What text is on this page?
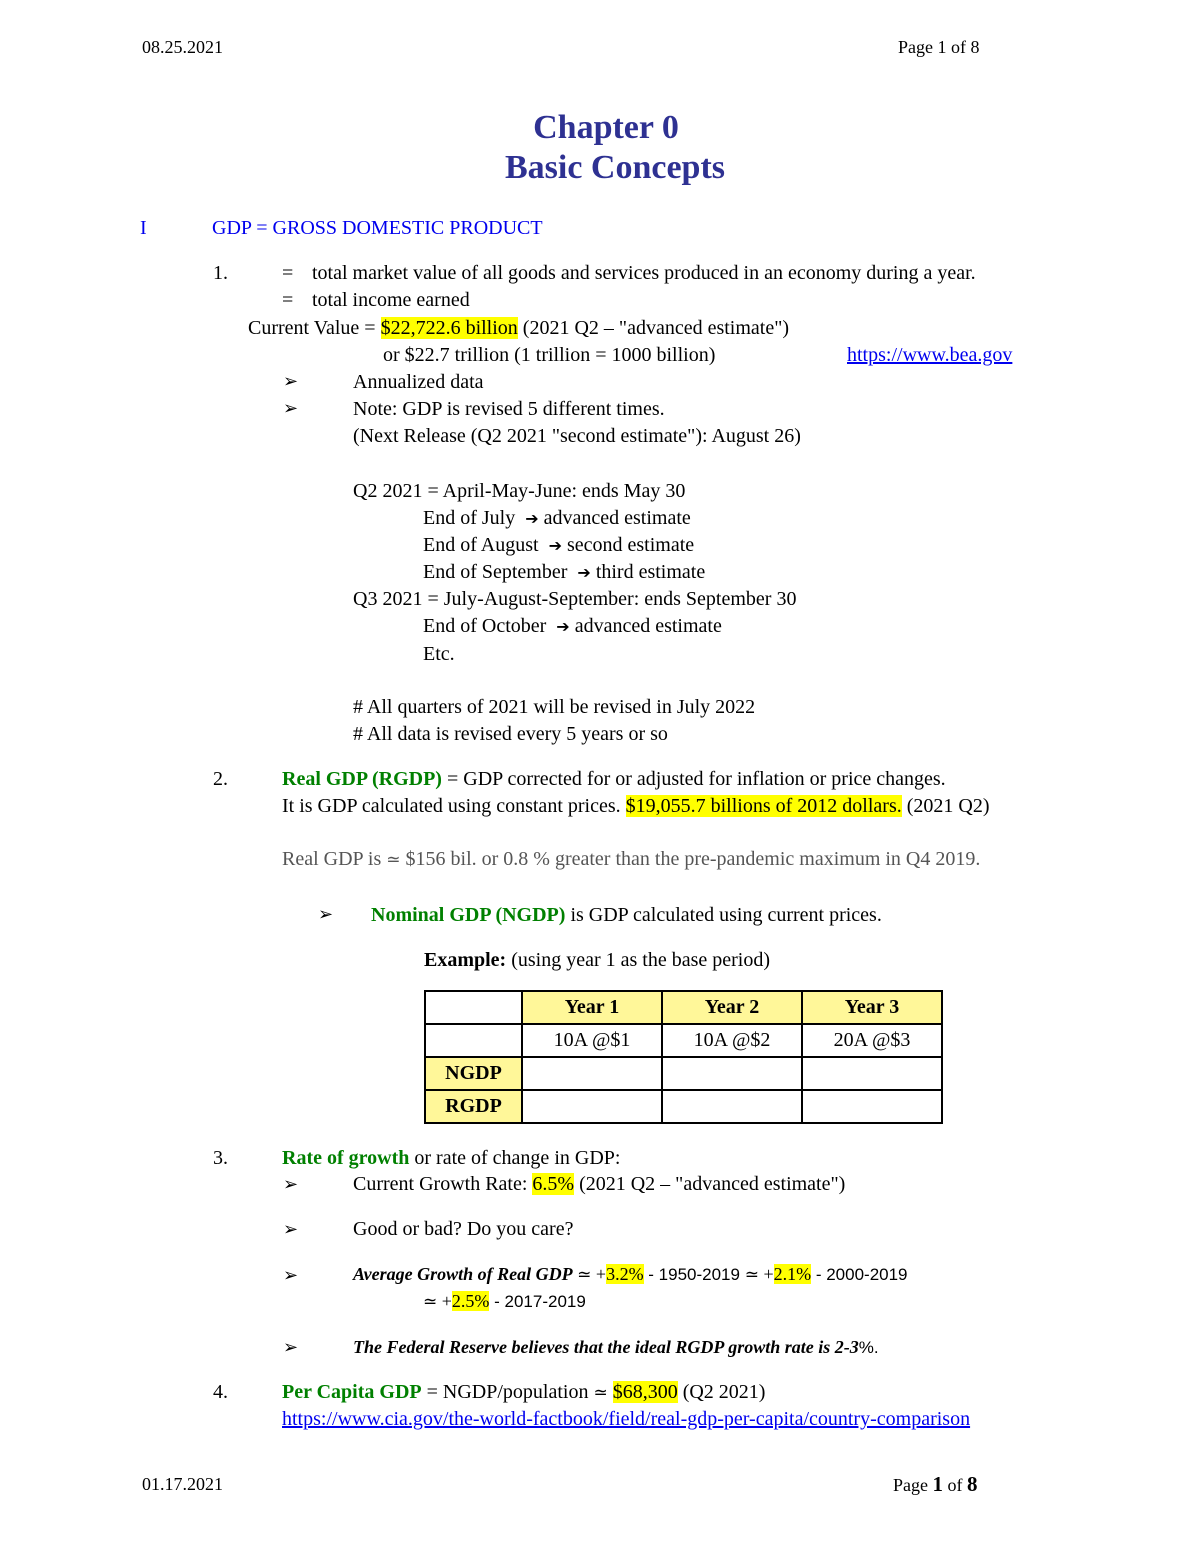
08.25.2021	Page 1 of 8
Chapter 0
Basic Concepts
I	GDP = GROSS DOMESTIC PRODUCT
1.	= total market value of all goods and services produced in an economy during a year.
= total income earned
Current Value = $22,722.6 billion (2021 Q2 – "advanced estimate")
or $22.7 trillion (1 trillion = 1000 billion)	https://www.bea.gov
➢	Annualized data
➢	Note: GDP is revised 5 different times.
(Next Release (Q2 2021 "second estimate"): August 26)
Q2 2021 = April-May-June: ends May 30
End of July ➔ advanced estimate
End of August ➔ second estimate
End of September ➔ third estimate
Q3 2021 = July-August-September: ends September 30
End of October ➔ advanced estimate
Etc.
# All quarters of 2021 will be revised in July 2022
# All data is revised every 5 years or so
2.	Real GDP (RGDP) = GDP corrected for or adjusted for inflation or price changes.
It is GDP calculated using constant prices. $19,055.7 billions of 2012 dollars. (2021 Q2)
Real GDP is ≃ $156 bil. or 0.8 % greater than the pre-pandemic maximum in Q4 2019.
➢ Nominal GDP (NGDP) is GDP calculated using current prices.
Example: (using year 1 as the base period)
	Year 1	Year 2	Year 3
	10A @$1	10A @$2	20A @$3
NGDP			
RGDP			
3.	Rate of growth or rate of change in GDP:
➢	Current Growth Rate: 6.5% (2021 Q2 – "advanced estimate")
➢	Good or bad? Do you care?
➢	Average Growth of Real GDP ≃ +3.2% - 1950-2019 ≃ +2.1% - 2000-2019
≃ +2.5% - 2017-2019
➢	The Federal Reserve believes that the ideal RGDP growth rate is 2-3%.
4.	Per Capita GDP = NGDP/population ≃ $68,300 (Q2 2021)
https://www.cia.gov/the-world-factbook/field/real-gdp-per-capita/country-comparison
01.17.2021	Page 1 of 8
